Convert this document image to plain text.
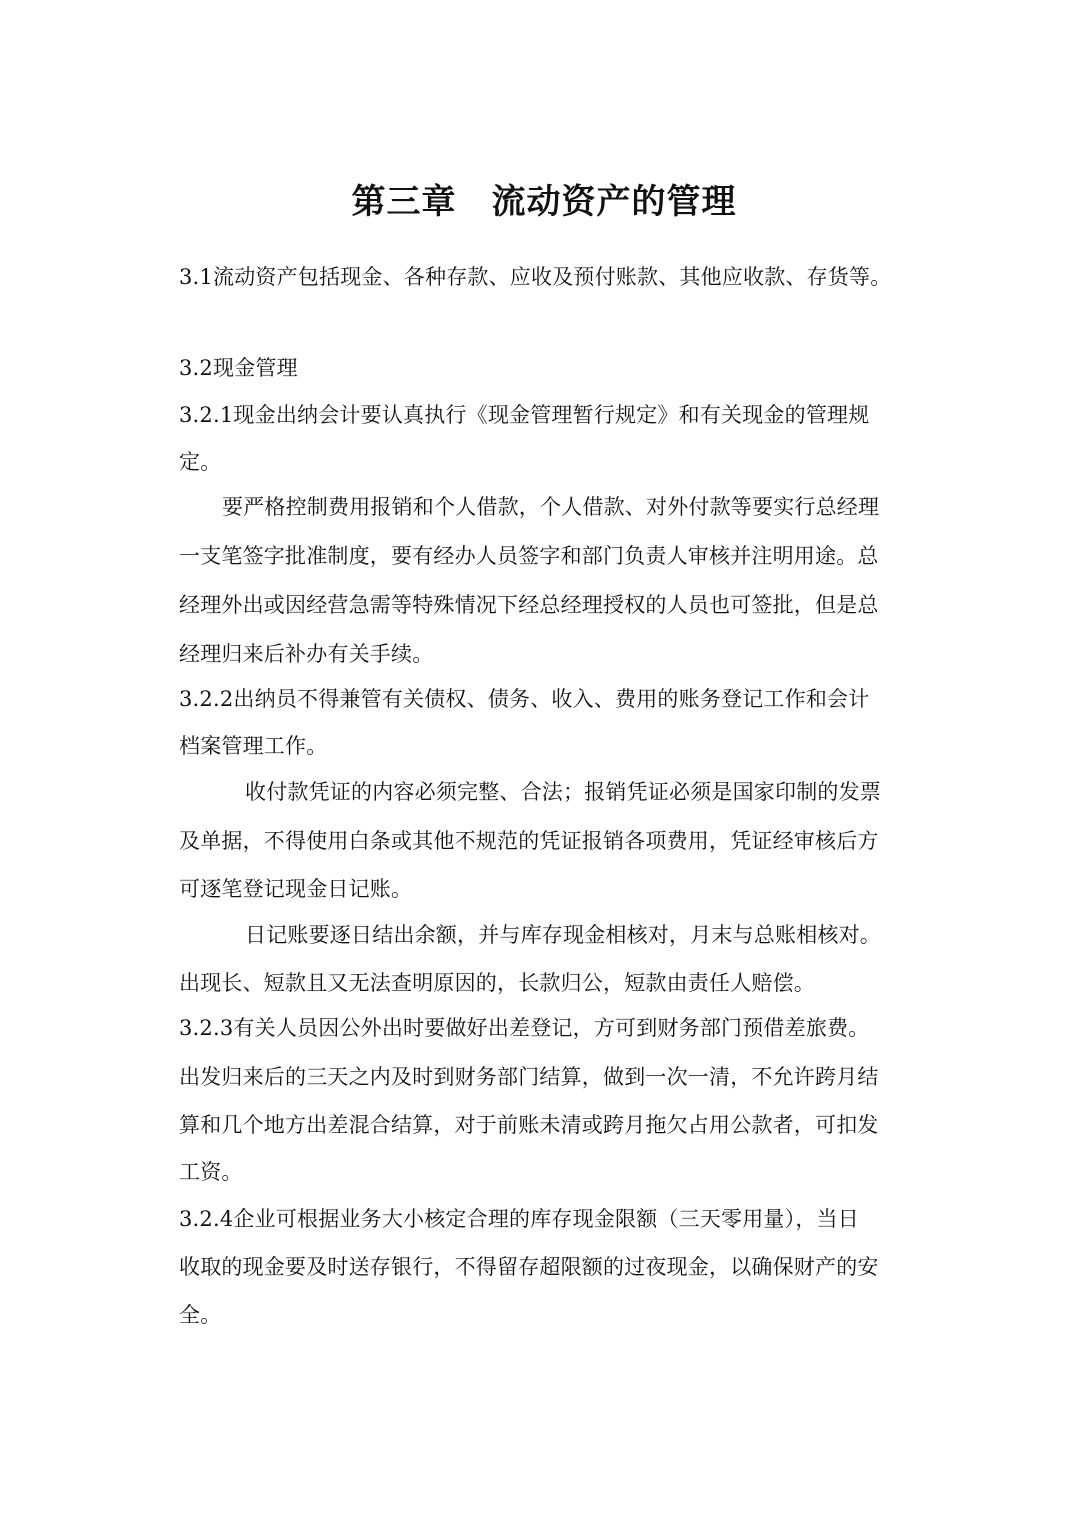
第三章　流动资产的管理
3.1流动资产包括现金、各种存款、应收及预付账款、其他应收款、存货等。
3.2现金管理
3.2.1现金出纳会计要认真执行《现金管理暂行规定》和有关现金的管理规
定。
要严格控制费用报销和个人借款，个人借款、对外付款等要实行总经理
一支笔签字批准制度，要有经办人员签字和部门负责人审核并注明用途。总
经理外出或因经营急需等特殊情况下经总经理授权的人员也可签批，但是总
经理归来后补办有关手续。
3.2.2出纳员不得兼管有关债权、债务、收入、费用的账务登记工作和会计
档案管理工作。
收付款凭证的内容必须完整、合法；报销凭证必须是国家印制的发票
及单据，不得使用白条或其他不规范的凭证报销各项费用，凭证经审核后方
可逐笔登记现金日记账。
日记账要逐日结出余额，并与库存现金相核对，月末与总账相核对。
出现长、短款且又无法查明原因的，长款归公，短款由责任人赔偿。
3.2.3有关人员因公外出时要做好出差登记，方可到财务部门预借差旅费。
出发归来后的三天之内及时到财务部门结算，做到一次一清，不允许跨月结
算和几个地方出差混合结算，对于前账未清或跨月拖欠占用公款者，可扣发
工资。
3.2.4企业可根据业务大小核定合理的库存现金限额（三天零用量），当日
收取的现金要及时送存银行，不得留存超限额的过夜现金，以确保财产的安
全。
